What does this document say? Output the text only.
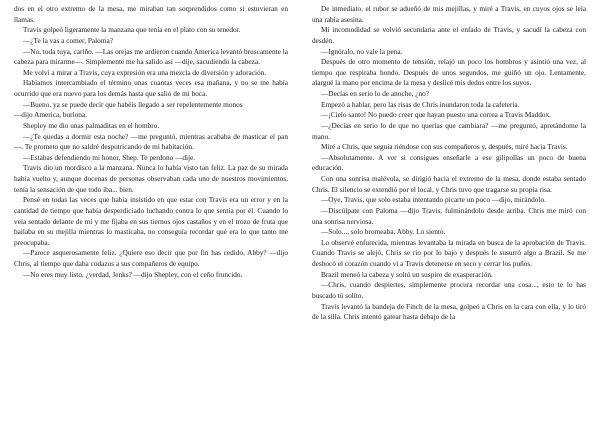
dos en el otro extremo de la mesa, me miraban tan sorprendidos como si estuvieran en llamas.

Travis golpeó ligeramente la manzana que tenía en el plato con su tenedor.

—¿Te la vas a comer, Paloma?

—No, toda tuya, cariño. —Las orejas me ardieron cuando America levantó bruscamente la cabeza para mirarme—. Simplemente me ha salido así —dije, sacudiendo la cabeza.

Me volví a mirar a Travis, cuya expresión era una mezcla de diversión y adoración.

Habíamos intercambiado el término unas cuantas veces esa mañana, y no se me había ocurrido que era nuevo para los demás hasta que salió de mi boca.

—Bueno, ya se puede decir que habéis llegado a ser repelentemente monos

—dijo America, burlona.

Shepley me dio unas palmaditas en el hombro.

—¿Te quedas a dormir esta noche? —me preguntó, mientras acababa de masticar el pan—. Te prometo que no saldré despotricando de mi habitación.

—Estabas defendiendo mi honor, Shep. Te perdono —dije.

Travis dio un mordisco a la manzana. Nunca lo había visto tan feliz. La paz de su mirada había vuelto y, aunque docenas de personas observaban cada uno de nuestros movimientos, tenía la sensación de que todo iba... bien.

Pensé en todas las veces que había insistido en que estar con Travis era un error y en la cantidad de tiempo que había desperdiciado luchando contra lo que sentía por él. Cuando lo veía sentado delante de mí y me fijaba en sus tiernos ojos castaños y en el trozo de fruta que bailaba en su mejilla mientras lo masticaba, no conseguía recordar qué era lo que tanto me preocupaba.

—Parece asquerosamente feliz. ¿Quiere eso decir que por fin has cedido, Abby? —dijo Chris, al tiempo que daba codazos a sus compañeros de equipo.

—No eres muy listo, ¿verdad, Jenks? —dijo Shepley, con el ceño fruncido.

De inmediato, el rubor se adueñó de mis mejillas, y miré a Travis, en cuyos ojos se leía una rabia asesina.

Mi incomodidad se volvió secundaria ante el enfado de Travis, y sacudí la cabeza con desdén.

—Ignóralo, no vale la pena.

Después de otro momento de tensión, relajó un poco los hombros y asintió una vez, al tiempo que respiraba hondo. Después de unos segundos, me guiñó un ojo. Lentamente, alargué la mano por encima de la mesa y deslicé mis dedos entre los suyos.

—Decías en serio lo de anoche, ¿no?

Empezó a hablar, pero las risas de Chris inundaron toda la cafetería.

—¡Cielo santo! No puedo creer que hayan puesto una correa a Travis Maddox.

—¿Decías en serio lo de que no querías que cambiara? —me preguntó, apretándome la mano.

Miré a Chris, que seguía riéndose con sus compañeros y, después, miré hacia Travis.

—Absolutamente. A ver si consigues enseñarle a ese gilipollas un poco de buena educación.

Con una sonrisa malévola, se dirigió hacia el extremo de la mesa, donde estaba sentado Chris. El silencio se extendió por el local, y Chris tuvo que tragarse su propia risa.

—Oye, Travis, que solo estaba intentando picarte un poco —dijo, mirándolo.

—Discúlpate con Paloma —dijo Travis, fulminándolo desde arriba. Chris me miró con una sonrisa nerviosa.

—Solo..., solo bromeaba, Abby. Lo siento.

Lo observé enfurecida, mientras levantaba la mirada en busca de la aprobación de Travis. Cuando Travis se alejó, Chris se rio por lo bajo y después le susurró algo a Brazil. Se me desbocó el corazón cuando vi a Travis detenerse en seco y cerrar los puños.

Brazil meneó la cabeza y soltó un suspiro de exasperación.

—Chris, cuando despiertes, simplemente procura recordar una cosa..., esto te lo has buscado tú solito.

Travis levantó la bandeja de Finch de la mesa, golpeó a Chris en la cara con ella, y lo tiró de la silla. Chris intentó gatear hasta debajo de la
